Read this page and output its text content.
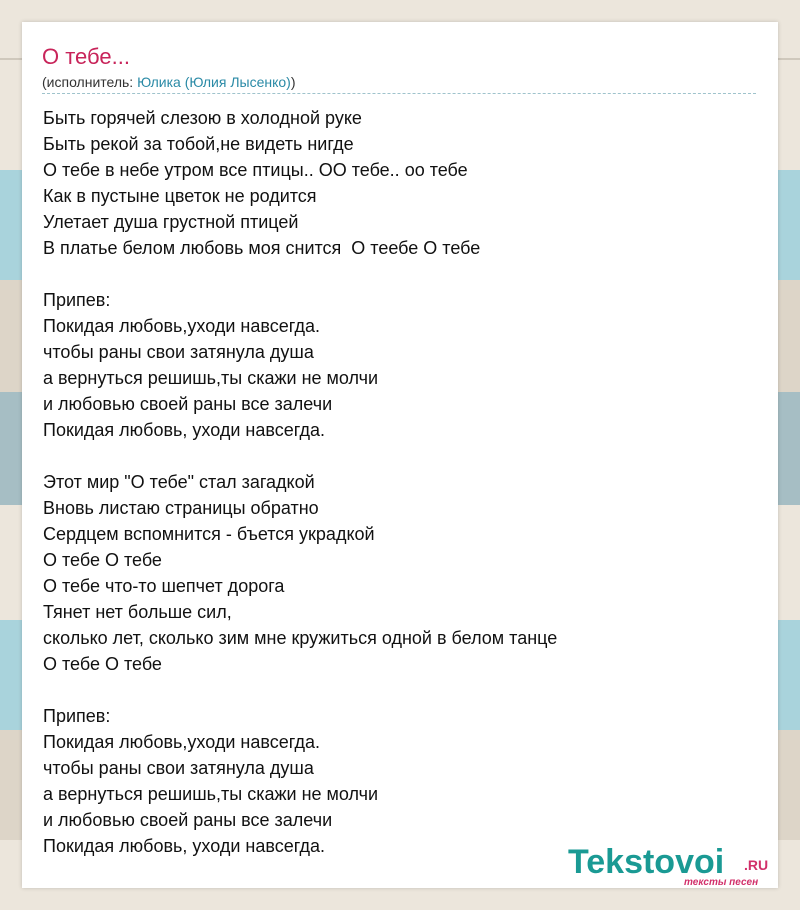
О тебе...
(исполнитель: Юлика (Юлия Лысенко))
Быть горячей слезою в холодной руке
Быть рекой за тобой,не видеть нигде
О тебе в небе утром все птицы.. ОО тебе.. оо тебе
Как в пустыне цветок не родится
Улетает душа грустной птицей
В платье белом любовь моя снится  О теебе О тебе
Припев:
Покидая любовь,уходи навсегда.
чтобы раны свои затянула душа
а вернуться решишь,ты скажи не молчи
и любовью своей раны все залечи
Покидая любовь, уходи навсегда.
Этот мир "О тебе" стал загадкой
Вновь листаю страницы обратно
Сердцем вспомнится - бъется украдкой
О тебе О тебе
О тебе что-то шепчет дорога
Тянет нет больше сил,
сколько лет, сколько зим мне кружиться одной в белом танце
О тебе О тебе
Припев:
Покидая любовь,уходи навсегда.
чтобы раны свои затянула душа
а вернуться решишь,ты скажи не молчи
и любовью своей раны все залечи
Покидая любовь, уходи навсегда.	Tekstovoi .RU
тексты песен
